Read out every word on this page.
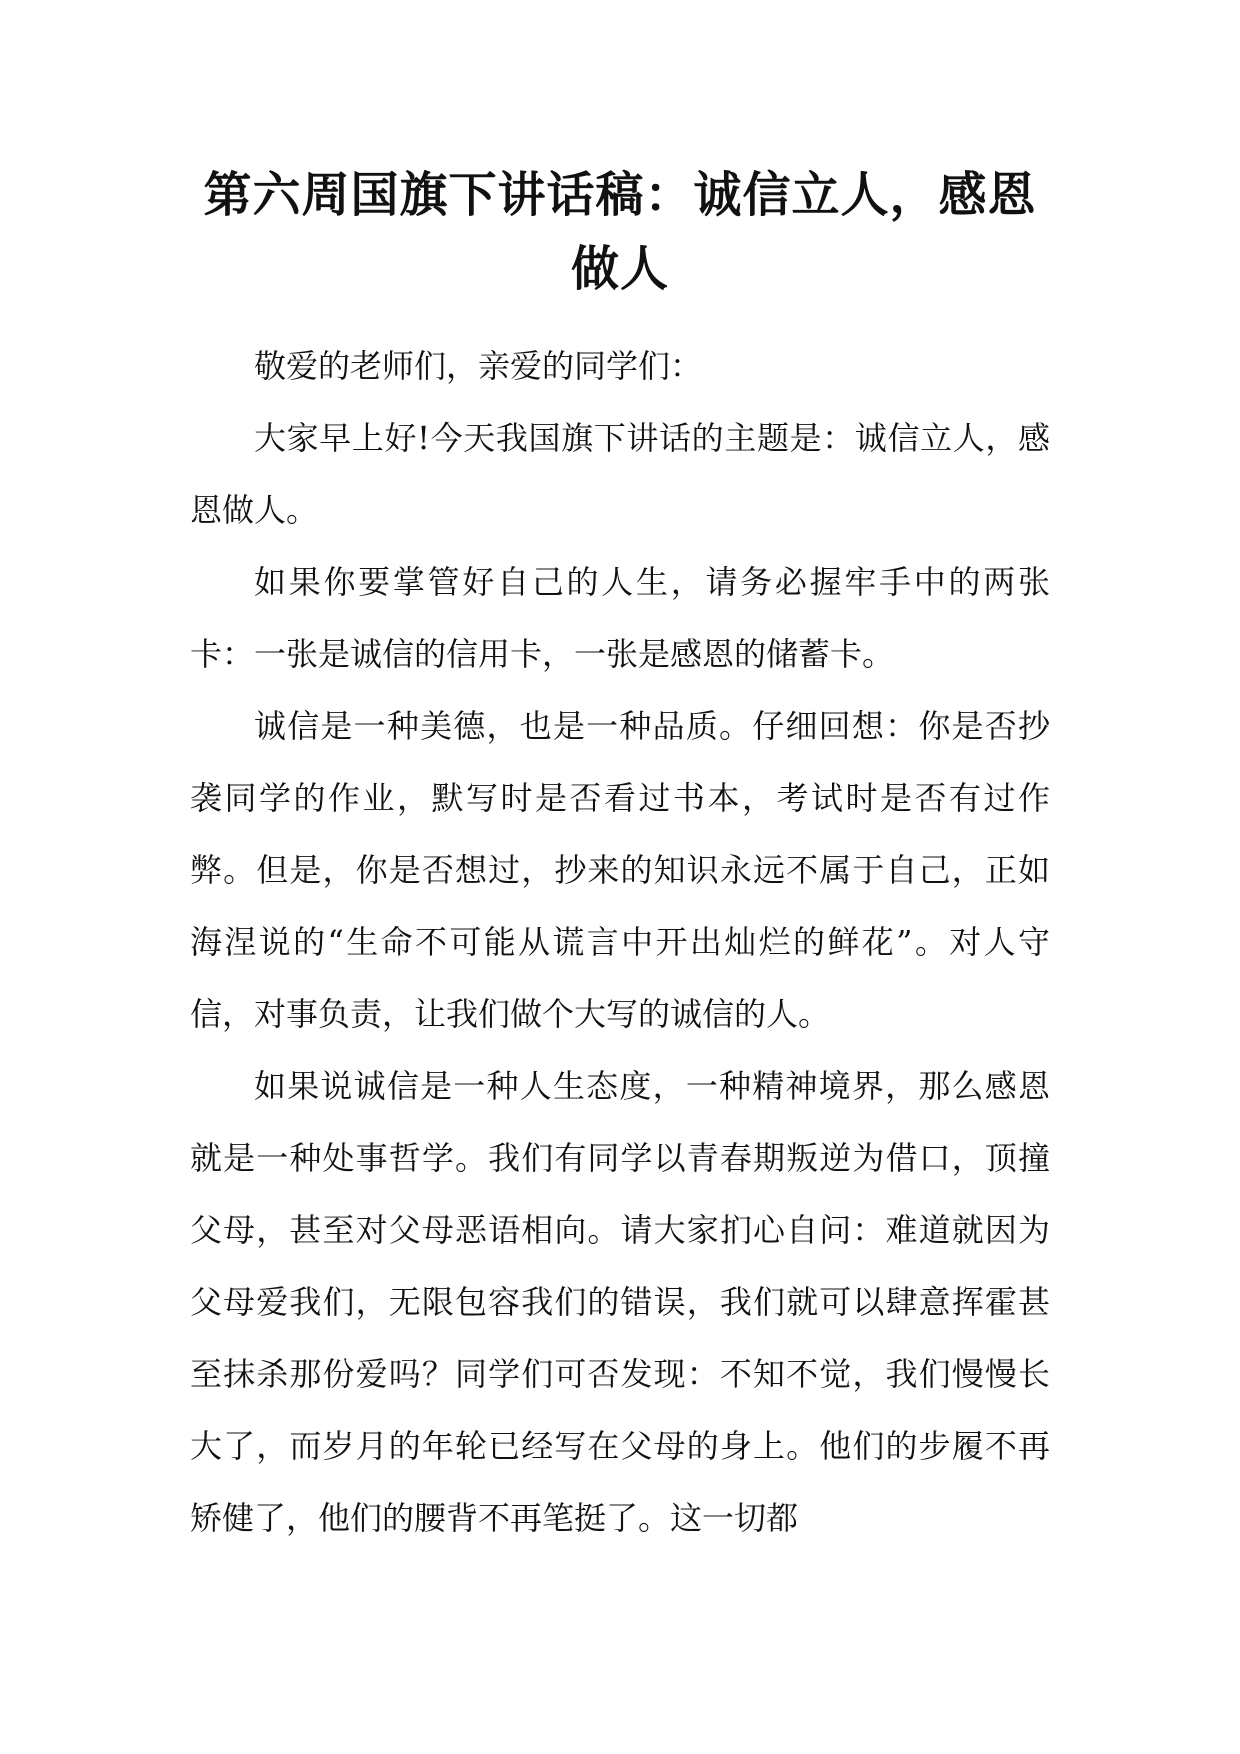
第六周国旗下讲话稿：诚信立人，感恩
做人

敬爱的老师们，亲爱的同学们：

大家早上好!今天我国旗下讲话的主题是：诚信立人，感恩做人。

如果你要掌管好自己的人生，请务必握牢手中的两张卡：一张是诚信的信用卡，一张是感恩的储蓄卡。

诚信是一种美德，也是一种品质。仔细回想：你是否抄袭同学的作业，默写时是否看过书本，考试时是否有过作弊。但是，你是否想过，抄来的知识永远不属于自己，正如海涅说的“生命不可能从谎言中开出灿烂的鲜花”。对人守信，对事负责，让我们做个大写的诚信的人。

如果说诚信是一种人生态度，一种精神境界，那么感恩就是一种处事哲学。我们有同学以青春期叛逆为借口，顶撞父母，甚至对父母恶语相向。请大家扪心自问：难道就因为父母爱我们，无限包容我们的错误，我们就可以肆意挥霍甚至抹杀那份爱吗？同学们可否发现：不知不觉，我们慢慢长大了，而岁月的年轮已经写在父母的身上。他们的步履不再矫健了，他们的腰背不再笔挺了。这一切都
